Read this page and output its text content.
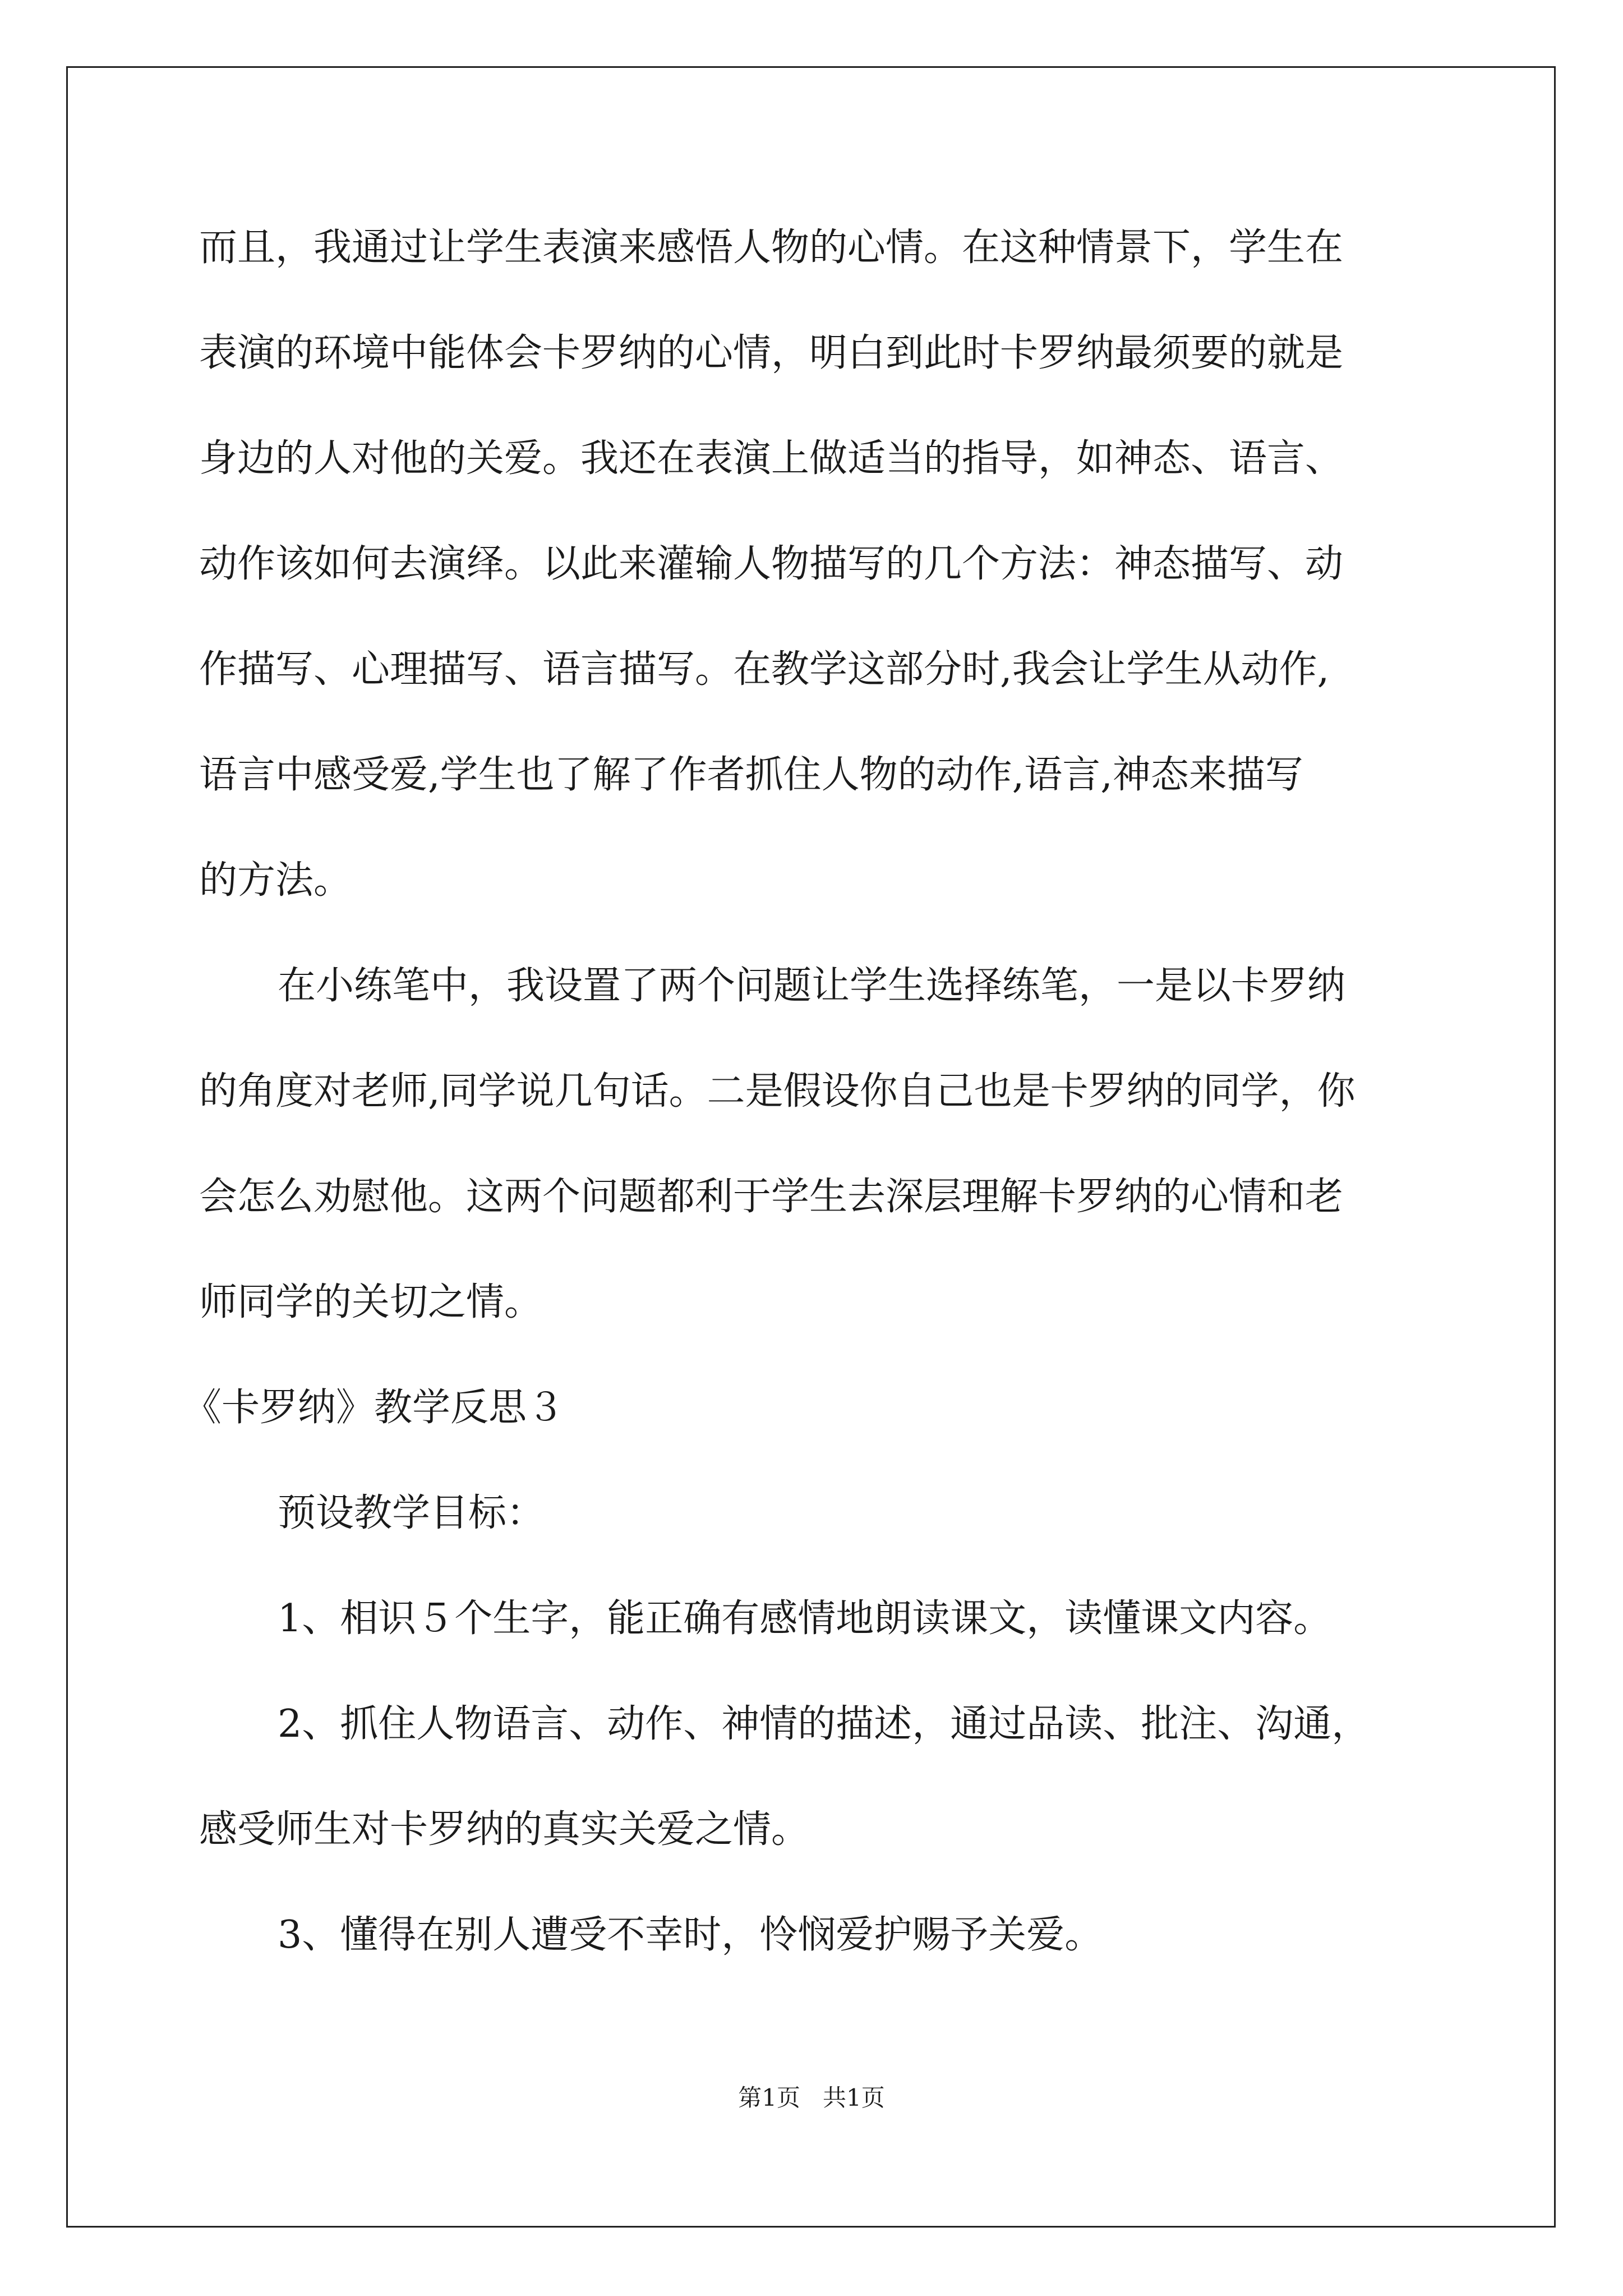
而且，我通过让学生表演来感悟人物的心情。在这种情景下，学生在
表演的环境中能体会卡罗纳的心情，明白到此时卡罗纳最须要的就是
身边的人对他的关爱。我还在表演上做适当的指导，如神态、语言、
动作该如何去演绎。以此来灌输人物描写的几个方法：神态描写、动
作描写、心理描写、语言描写。在教学这部分时,我会让学生从动作,
语言中感受爱,学生也了解了作者抓住人物的动作,语言,神态来描写
的方法。
在小练笔中，我设置了两个问题让学生选择练笔，一是以卡罗纳
的角度对老师,同学说几句话。二是假设你自己也是卡罗纳的同学，你
会怎么劝慰他。这两个问题都利于学生去深层理解卡罗纳的心情和老
师同学的关切之情。
《卡罗纳》教学反思３
预设教学目标：
1、相识５个生字，能正确有感情地朗读课文，读懂课文内容。
2、抓住人物语言、动作、神情的描述，通过品读、批注、沟通，
感受师生对卡罗纳的真实关爱之情。
3、懂得在别人遭受不幸时，怜悯爱护赐予关爱。
第1页 共1页
